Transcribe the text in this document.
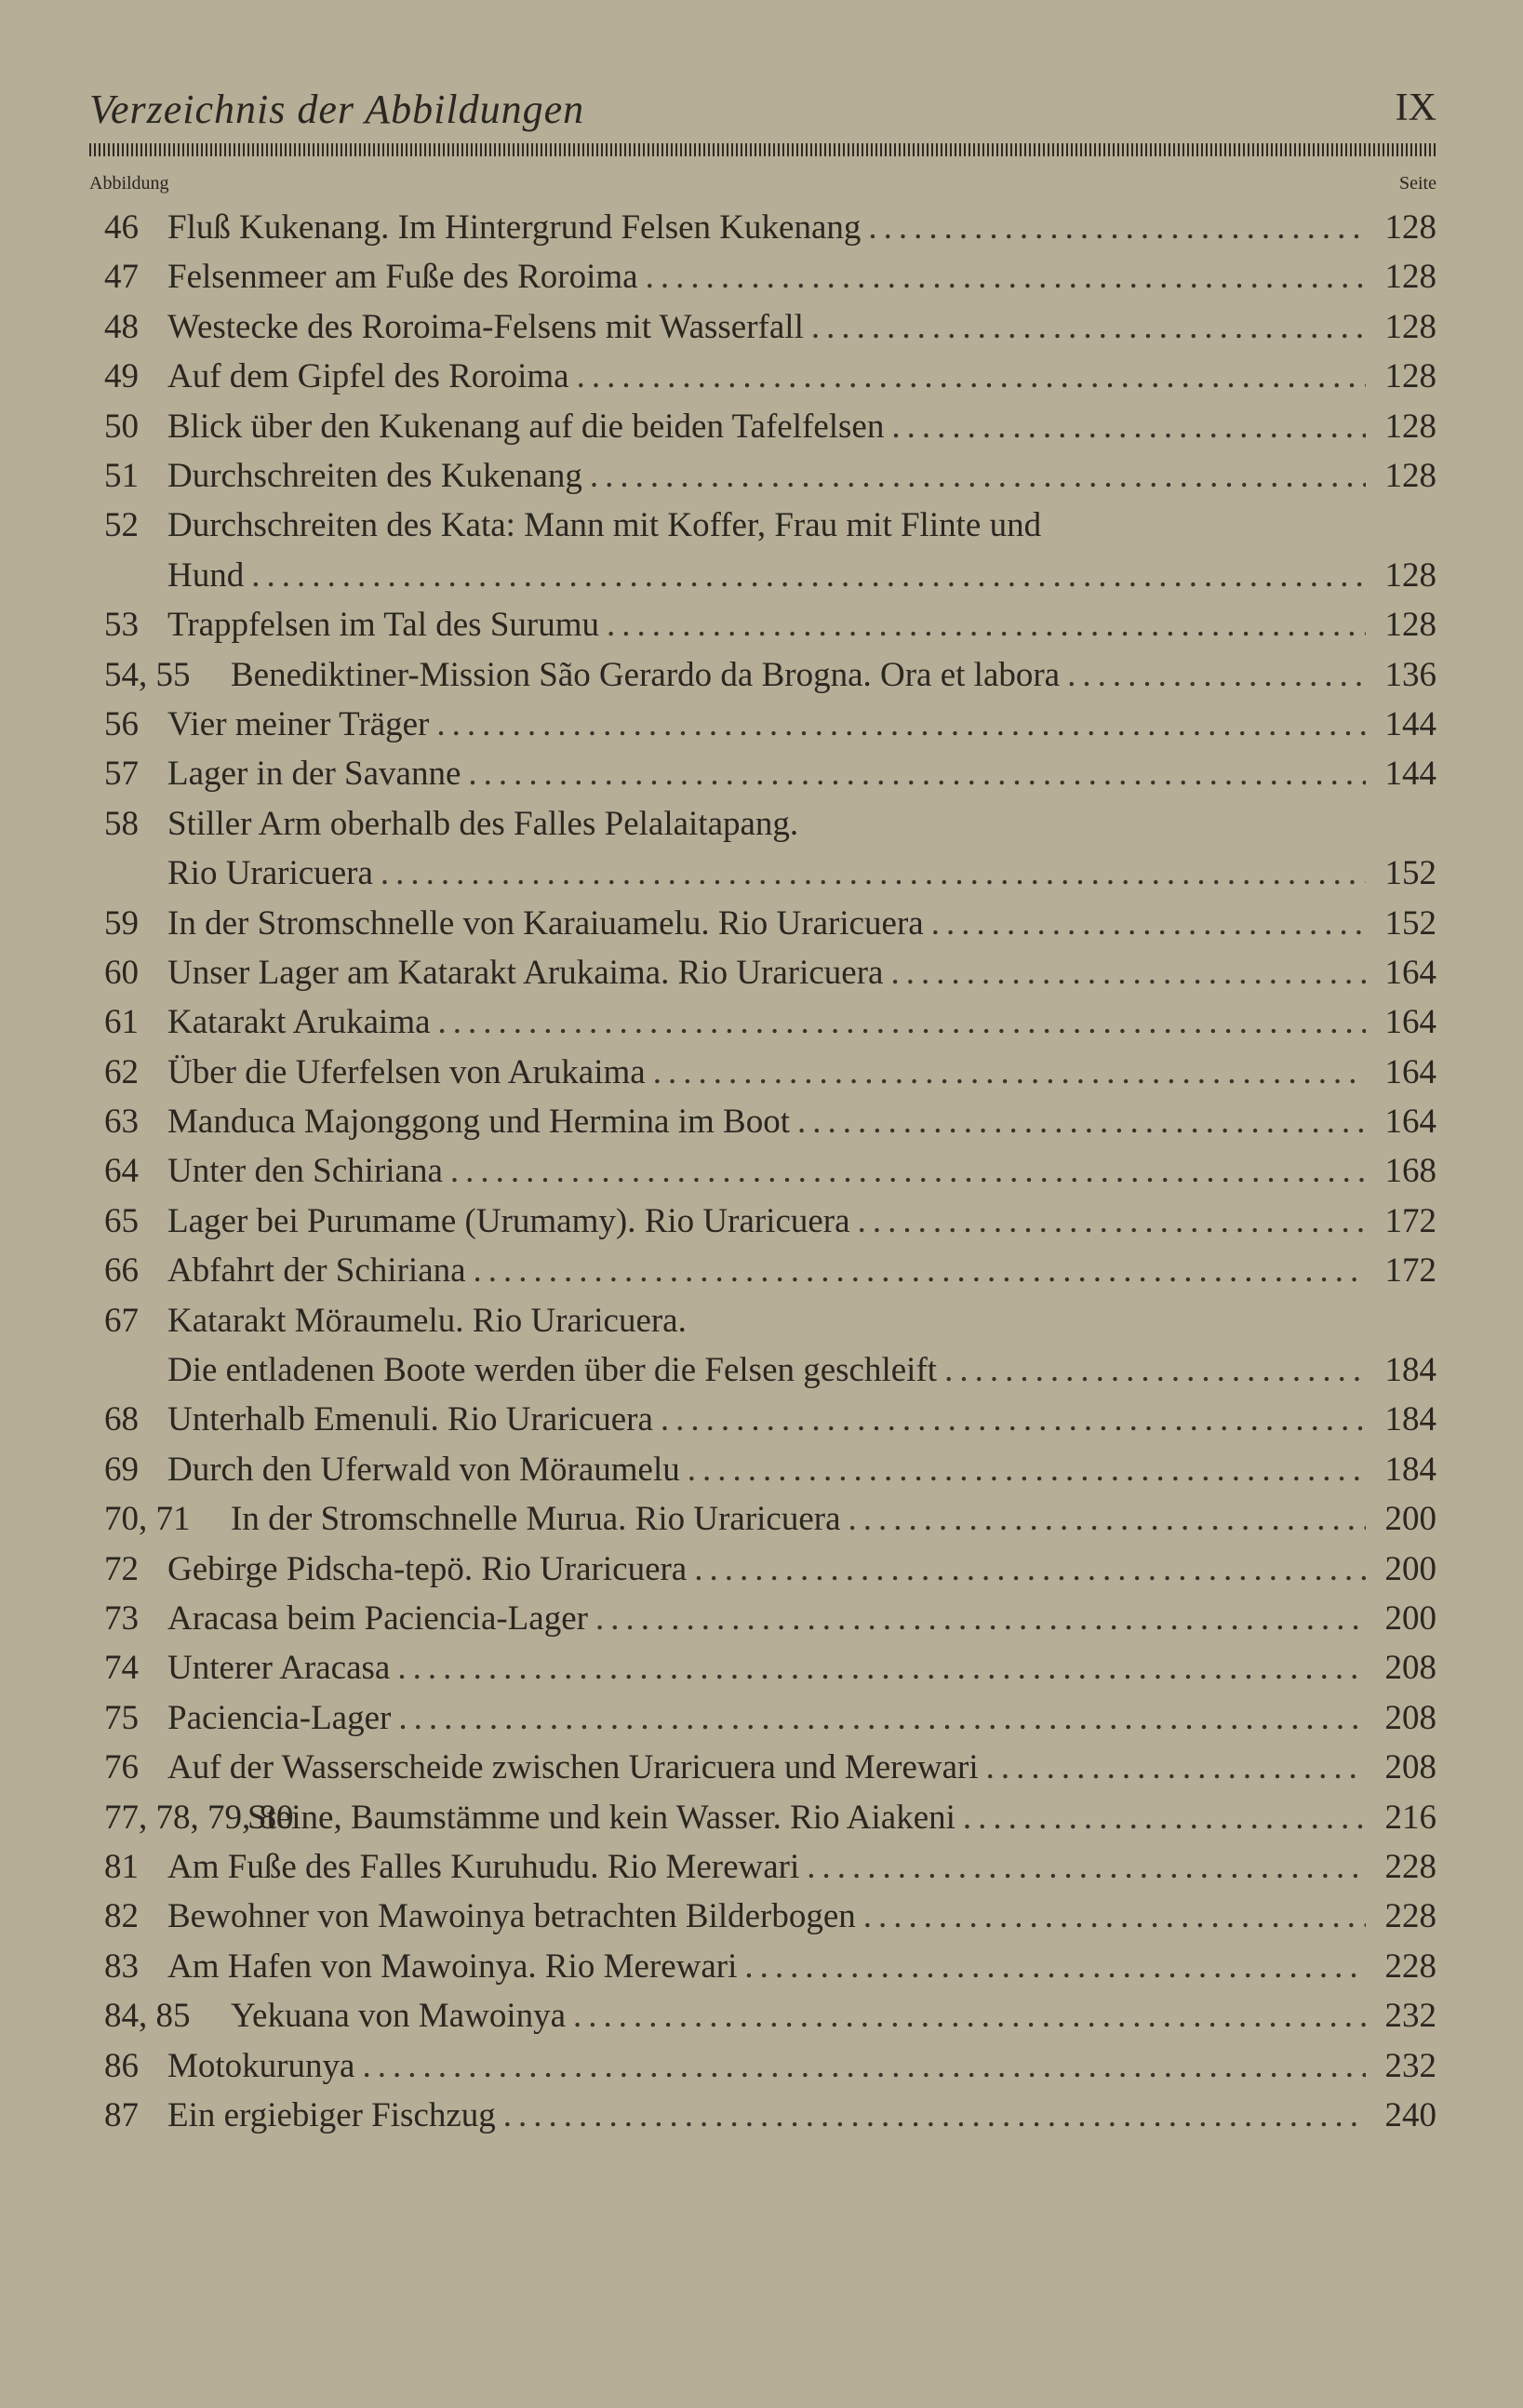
Verzeichnis der Abbildungen	IX
Abbildung	Seite
46 Fluß Kukenang. Im Hintergrund Felsen Kukenang .....	128
47 Felsenmeer am Fuße des Roroima .....	128
48 Westecke des Roroima-Felsens mit Wasserfall .....	128
49 Auf dem Gipfel des Roroima .....	128
50 Blick über den Kukenang auf die beiden Tafelfelsen .....	128
51 Durchschreiten des Kukenang .....	128
52 Durchschreiten des Kata: Mann mit Koffer, Frau mit Flinte und
Hund .....	128
53 Trappfelsen im Tal des Surumu .....	128
54, 55 Benediktiner-Mission São Gerardo da Brogna. Ora et labora .....	136
56 Vier meiner Träger .....	144
57 Lager in der Savanne .....	144
58 Stiller Arm oberhalb des Falles Pelalaitapang.
Rio Uraricuera .....	152
59 In der Stromschnelle von Karaiuamelu. Rio Uraricuera .....	152
60 Unser Lager am Katarakt Arukaima. Rio Uraricuera .....	164
61 Katarakt Arukaima .....	164
62 Über die Uferfelsen von Arukaima .....	164
63 Manduca Majonggong und Hermina im Boot .....	164
64 Unter den Schiriana .....	168
65 Lager bei Purumame (Urumamy). Rio Uraricuera .....	172
66 Abfahrt der Schiriana .....	172
67 Katarakt Möraumelu. Rio Uraricuera.
Die entladenen Boote werden über die Felsen geschleift .....	184
68 Unterhalb Emenuli. Rio Uraricuera .....	184
69 Durch den Uferwald von Möraumelu .....	184
70, 71 In der Stromschnelle Murua. Rio Uraricuera .....	200
72 Gebirge Pidscha-tepö. Rio Uraricuera .....	200
73 Aracasa beim Paciencia-Lager .....	200
74 Unterer Aracasa .....	208
75 Paciencia-Lager .....	208
76 Auf der Wasserscheide zwischen Uraricuera und Merewari .....	208
77, 78, 79, 80
Steine, Baumstämme und kein Wasser. Rio Aiakeni .....	216
81 Am Fuße des Falles Kuruhudu. Rio Merewari .....	228
82 Bewohner von Mawoinya betrachten Bilderbogen .....	228
83 Am Hafen von Mawoinya. Rio Merewari .....	228
84, 85 Yekuana von Mawoinya .....	232
86 Motokurunya .....	232
87 Ein ergiebiger Fischzug .....	240
